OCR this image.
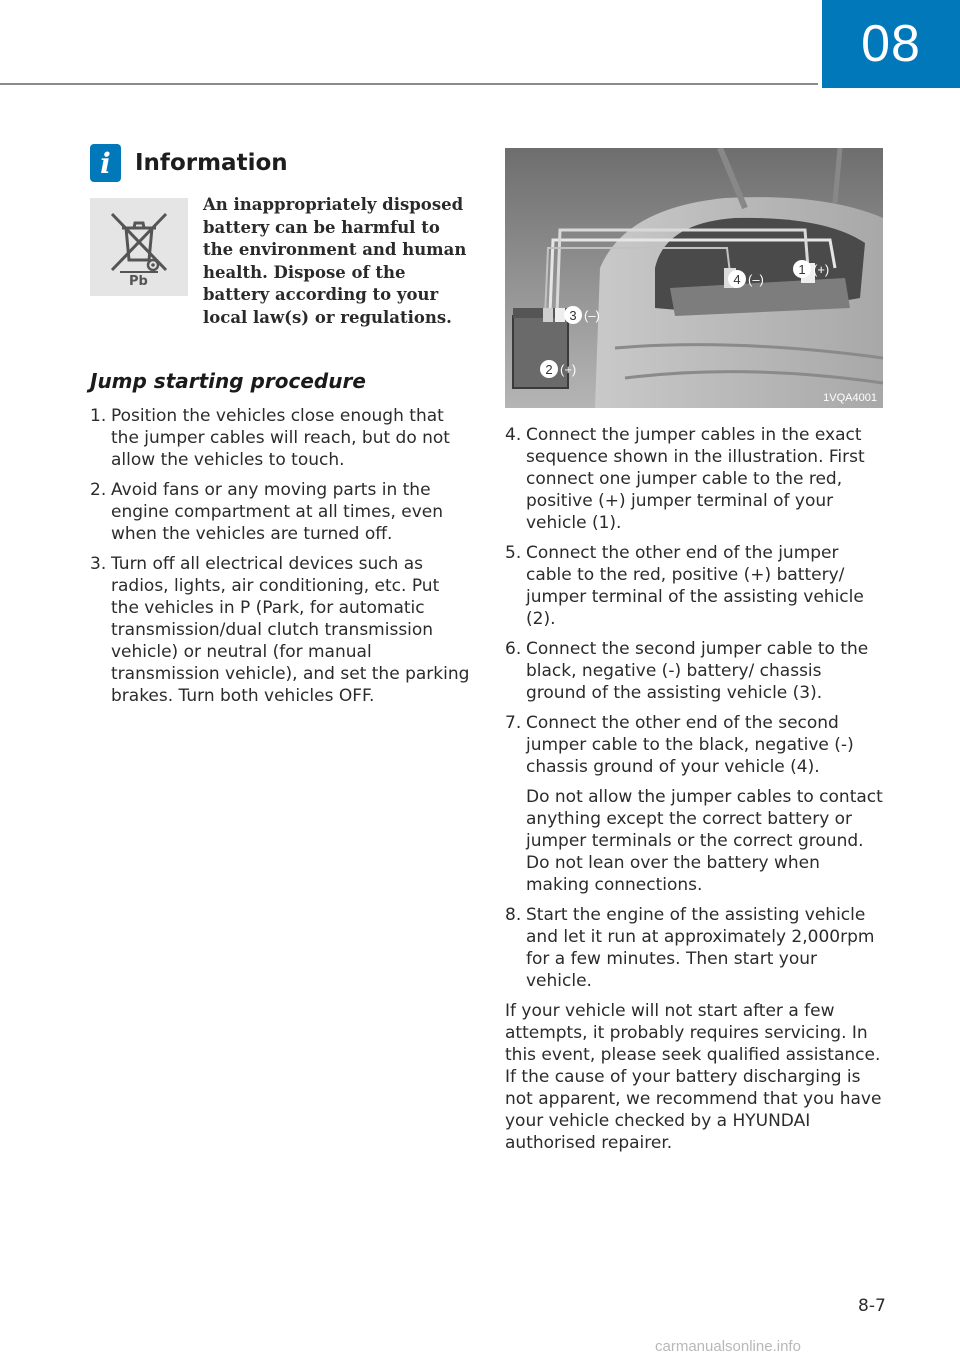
08
i	Information
Pb
An inappropriately disposed battery can be harmful to the environment and human health. Dispose of the battery according to your local law(s) or regulations.
Jump starting procedure
1. Position the vehicles close enough that the jumper cables will reach, but do not allow the vehicles to touch.
2. Avoid fans or any moving parts in the engine compartment at all times, even when the vehicles are turned off.
3. Turn off all electrical devices such as radios, lights, air conditioning, etc. Put the vehicles in P (Park, for automatic transmission/dual clutch transmission vehicle) or neutral (for manual transmission vehicle), and set the parking brakes. Turn both vehicles OFF.
1 (+)
4 (–)
3 (–)
2 (+)
1VQA4001
4. Connect the jumper cables in the exact sequence shown in the illustration. First connect one jumper cable to the red, positive (+) jumper terminal of your vehicle (1).
5. Connect the other end of the jumper cable to the red, positive (+) battery/ jumper terminal of the assisting vehicle (2).
6. Connect the second jumper cable to the black, negative (-) battery/ chassis ground of the assisting vehicle (3).
7. Connect the other end of the second jumper cable to the black, negative (-) chassis ground of your vehicle (4).

Do not allow the jumper cables to contact anything except the correct battery or jumper terminals or the correct ground. Do not lean over the battery when making connections.

8. Start the engine of the assisting vehicle and let it run at approximately 2,000rpm for a few minutes. Then start your vehicle.
If your vehicle will not start after a few attempts, it probably requires servicing. In this event, please seek qualified assistance. If the cause of your battery discharging is not apparent, we recommend that you have your vehicle checked by a HYUNDAI authorised repairer.
8-7
carmanualsonline.info
